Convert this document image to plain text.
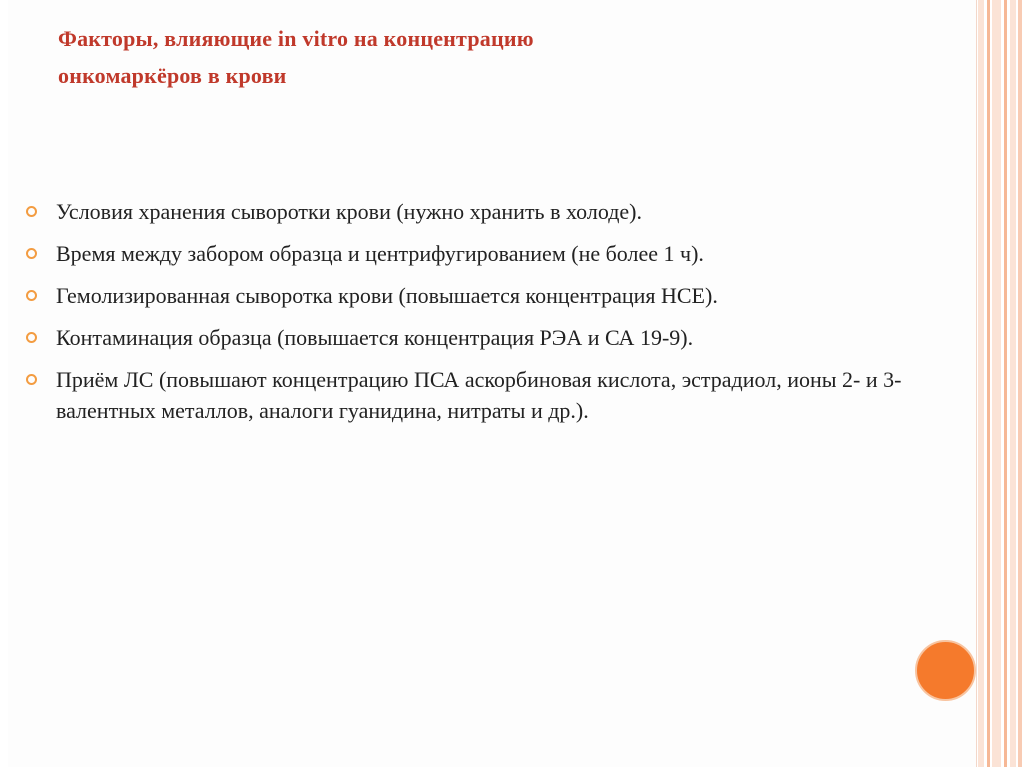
Факторы, влияющие in vitro на концентрацию
онкомаркёров в крови
Условия хранения сыворотки крови (нужно хранить в холоде).
Время между забором образца и центрифугированием (не более 1 ч).
Гемолизированная сыворотка крови (повышается концентрация НСЕ).
Контаминация образца (повышается концентрация РЭА и СА 19-9).
Приём ЛС (повышают концентрацию ПСА аскорбиновая кислота, эстрадиол, ионы 2- и 3-валентных металлов, аналоги гуанидина, нитраты и др.).
